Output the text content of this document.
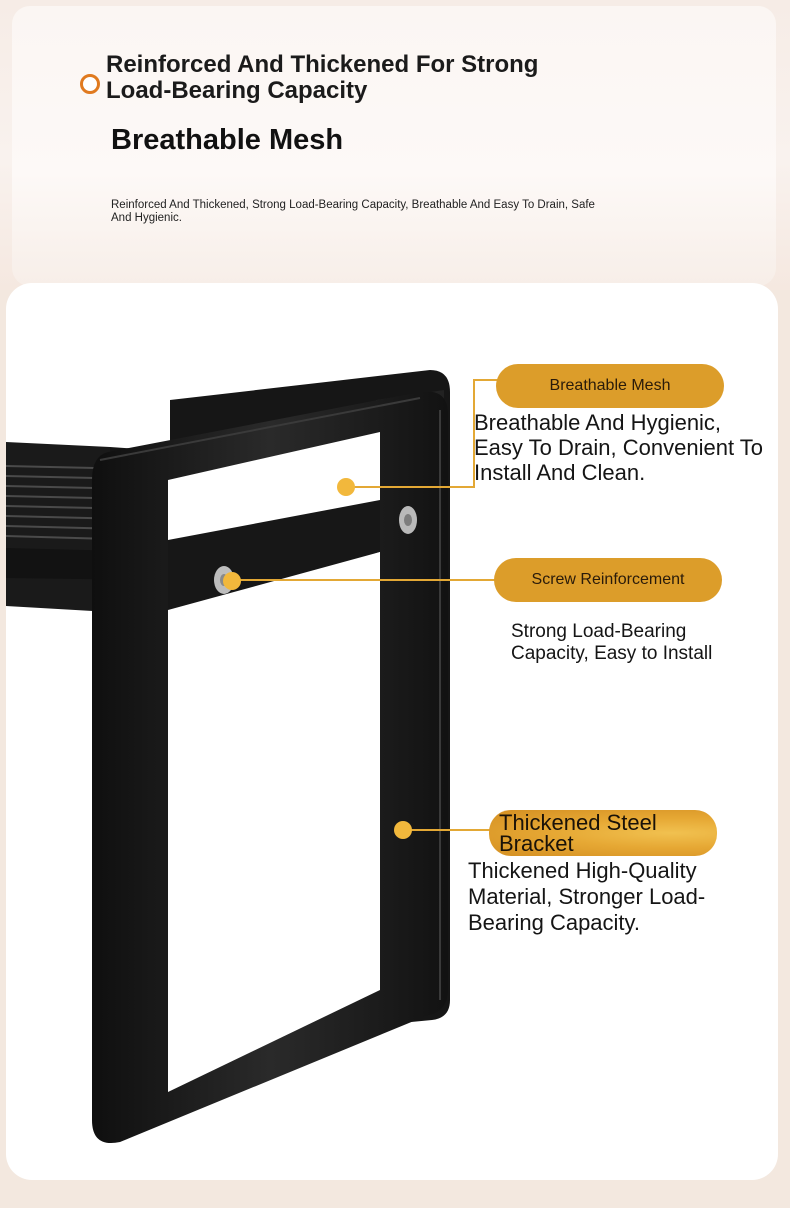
Reinforced And Thickened For Strong Load-Bearing Capacity
Breathable Mesh
Reinforced And Thickened, Strong Load-Bearing Capacity, Breathable And Easy To Drain, Safe And Hygienic.
Breathable Mesh
Breathable And Hygienic, Easy To Drain, Convenient To Install And Clean.
Screw Reinforcement
Strong Load-Bearing Capacity, Easy to Install
Thickened Steel Bracket
Thickened High-Quality Material, Stronger Load-Bearing Capacity.
